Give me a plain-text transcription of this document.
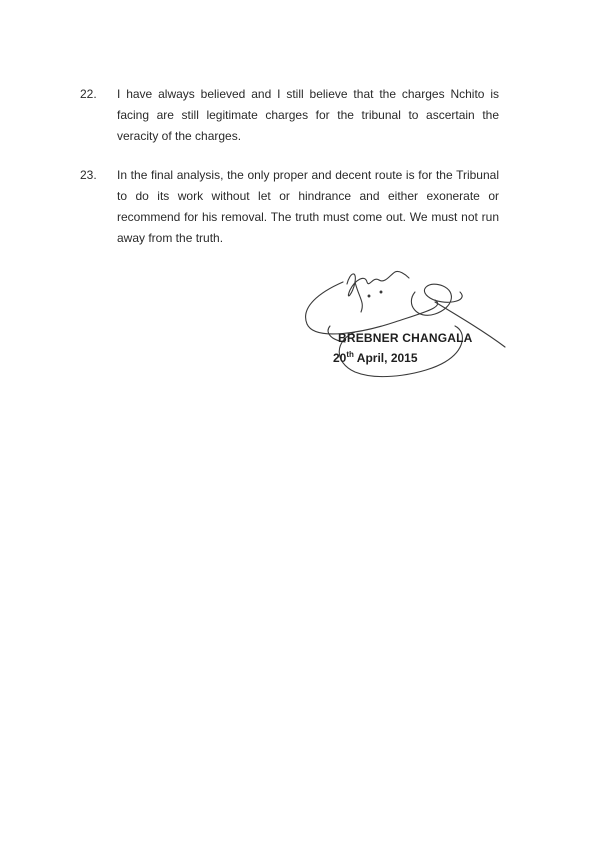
22. I have always believed and I still believe that the charges Nchito is facing are still legitimate charges for the tribunal to ascertain the veracity of the charges.
23. In the final analysis, the only proper and decent route is for the Tribunal to do its work without let or hindrance and either exonerate or recommend for his removal. The truth must come out. We must not run away from the truth.
BREBNER CHANGALA
20th April, 2015
